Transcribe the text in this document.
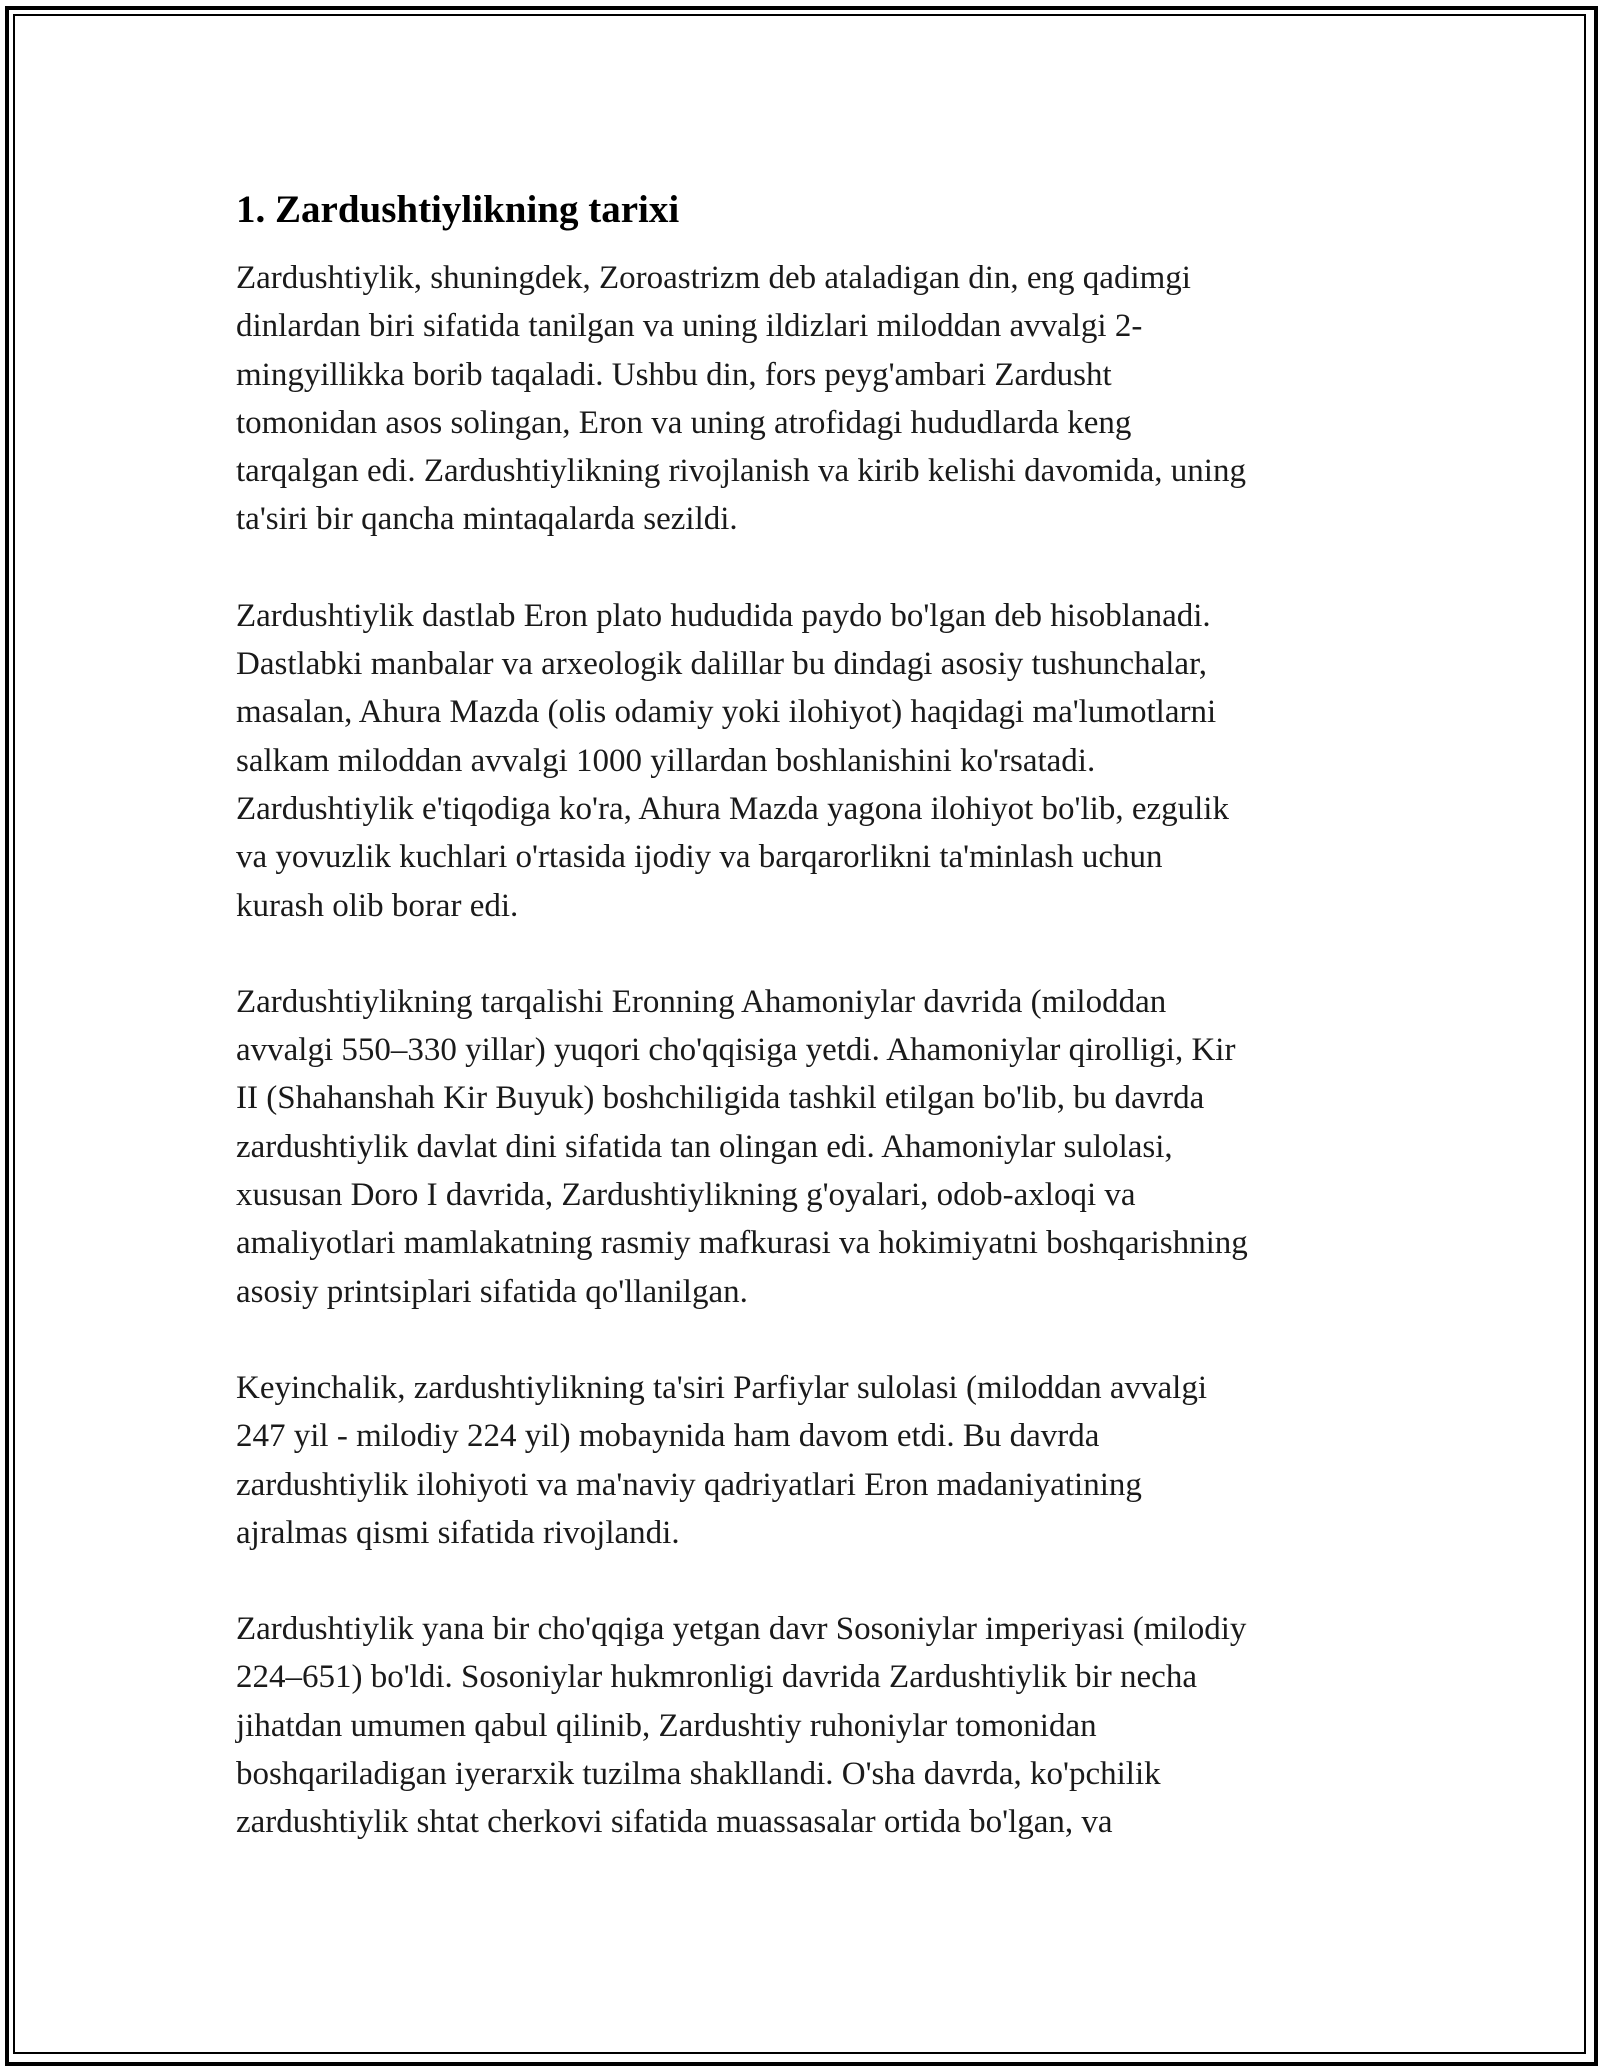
1. Zardushtiylikning tarixi

Zardushtiylik, shuningdek, Zoroastrizm deb ataladigan din, eng qadimgi
dinlardan biri sifatida tanilgan va uning ildizlari miloddan avvalgi 2-
mingyillikka borib taqaladi. Ushbu din, fors peyg'ambari Zardusht
tomonidan asos solingan, Eron va uning atrofidagi hududlarda keng
tarqalgan edi. Zardushtiylikning rivojlanish va kirib kelishi davomida, uning
ta'siri bir qancha mintaqalarda sezildi.

Zardushtiylik dastlab Eron plato hududida paydo bo'lgan deb hisoblanadi.
Dastlabki manbalar va arxeologik dalillar bu dindagi asosiy tushunchalar,
masalan, Ahura Mazda (olis odamiy yoki ilohiyot) haqidagi ma'lumotlarni
salkam miloddan avvalgi 1000 yillardan boshlanishini ko'rsatadi.
Zardushtiylik e'tiqodiga ko'ra, Ahura Mazda yagona ilohiyot bo'lib, ezgulik
va yovuzlik kuchlari o'rtasida ijodiy va barqarorlikni ta'minlash uchun
kurash olib borar edi.

Zardushtiylikning tarqalishi Eronning Ahamoniylar davrida (miloddan
avvalgi 550–330 yillar) yuqori cho'qqisiga yetdi. Ahamoniylar qirolligi, Kir
II (Shahanshah Kir Buyuk) boshchiligida tashkil etilgan bo'lib, bu davrda
zardushtiylik davlat dini sifatida tan olingan edi. Ahamoniylar sulolasi,
xususan Doro I davrida, Zardushtiylikning g'oyalari, odob-axloqi va
amaliyotlari mamlakatning rasmiy mafkurasi va hokimiyatni boshqarishning
asosiy printsiplari sifatida qo'llanilgan.

Keyinchalik, zardushtiylikning ta'siri Parfiylar sulolasi (miloddan avvalgi
247 yil - milodiy 224 yil) mobaynida ham davom etdi. Bu davrda
zardushtiylik ilohiyoti va ma'naviy qadriyatlari Eron madaniyatining
ajralmas qismi sifatida rivojlandi.

Zardushtiylik yana bir cho'qqiga yetgan davr Sosoniylar imperiyasi (milodiy
224–651) bo'ldi. Sosoniylar hukmronligi davrida Zardushtiylik bir necha
jihatdan umumen qabul qilinib, Zardushtiy ruhoniylar tomonidan
boshqariladigan iyerarxik tuzilma shakllandi. O'sha davrda, ko'pchilik
zardushtiylik shtat cherkovi sifatida muassasalar ortida bo'lgan, va
